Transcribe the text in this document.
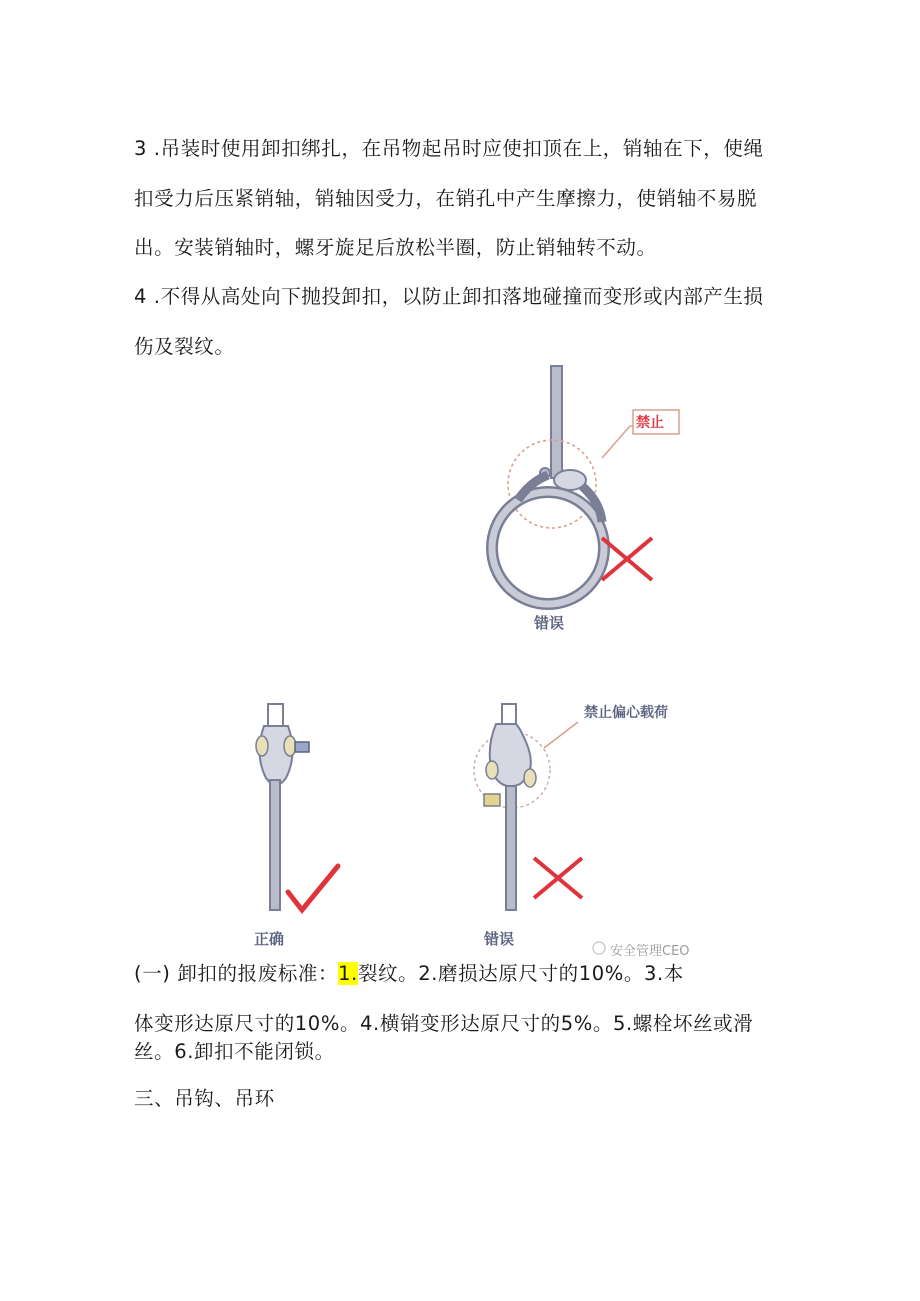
3 .吊装时使用卸扣绑扎，在吊物起吊时应使扣顶在上，销轴在下，使绳
扣受力后压紧销轴，销轴因受力，在销孔中产生摩擦力，使销轴不易脱
出。安装销轴时，螺牙旋足后放松半圈，防止销轴转不动。
4 .不得从高处向下抛投卸扣，以防止卸扣落地碰撞而变形或内部产生损
伤及裂纹。
禁止
错误
禁止偏心载荷
正确	错误
安全管理CEO
(一) 卸扣的报废标准：1.裂纹。2.磨损达原尺寸的10%。3.本
体变形达原尺寸的10%。4.横销变形达原尺寸的5%。5.螺栓坏丝或滑
丝。6.卸扣不能闭锁。
三、吊钩、吊环
